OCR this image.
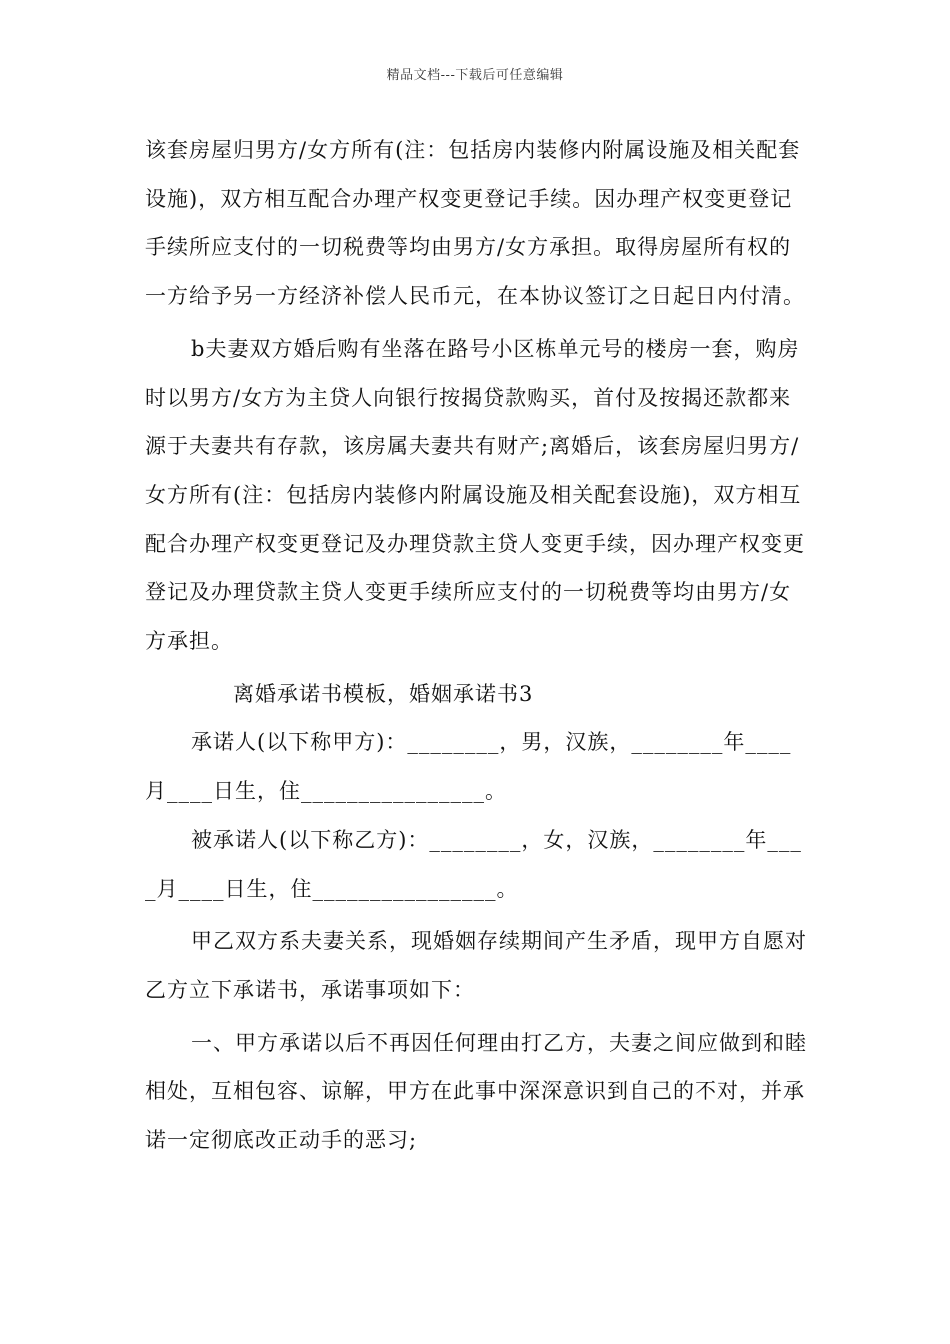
精品文档---下载后可任意编辑

该套房屋归男方/女方所有(注：包括房内装修内附属设施及相关配套设施)，双方相互配合办理产权变更登记手续。因办理产权变更登记手续所应支付的一切税费等均由男方/女方承担。取得房屋所有权的一方给予另一方经济补偿人民币元，在本协议签订之日起日内付清。

b夫妻双方婚后购有坐落在路号小区栋单元号的楼房一套，购房时以男方/女方为主贷人向银行按揭贷款购买，首付及按揭还款都来源于夫妻共有存款，该房属夫妻共有财产;离婚后，该套房屋归男方/女方所有(注：包括房内装修内附属设施及相关配套设施)，双方相互配合办理产权变更登记及办理贷款主贷人变更手续，因办理产权变更登记及办理贷款主贷人变更手续所应支付的一切税费等均由男方/女方承担。

离婚承诺书模板，婚姻承诺书3

承诺人(以下称甲方)：________，男，汉族，________年____月____日生，住________________。

被承诺人(以下称乙方)：________，女，汉族，________年____月____日生，住________________。

甲乙双方系夫妻关系，现婚姻存续期间产生矛盾，现甲方自愿对乙方立下承诺书，承诺事项如下：

一、甲方承诺以后不再因任何理由打乙方，夫妻之间应做到和睦相处，互相包容、谅解，甲方在此事中深深意识到自己的不对，并承诺一定彻底改正动手的恶习;
